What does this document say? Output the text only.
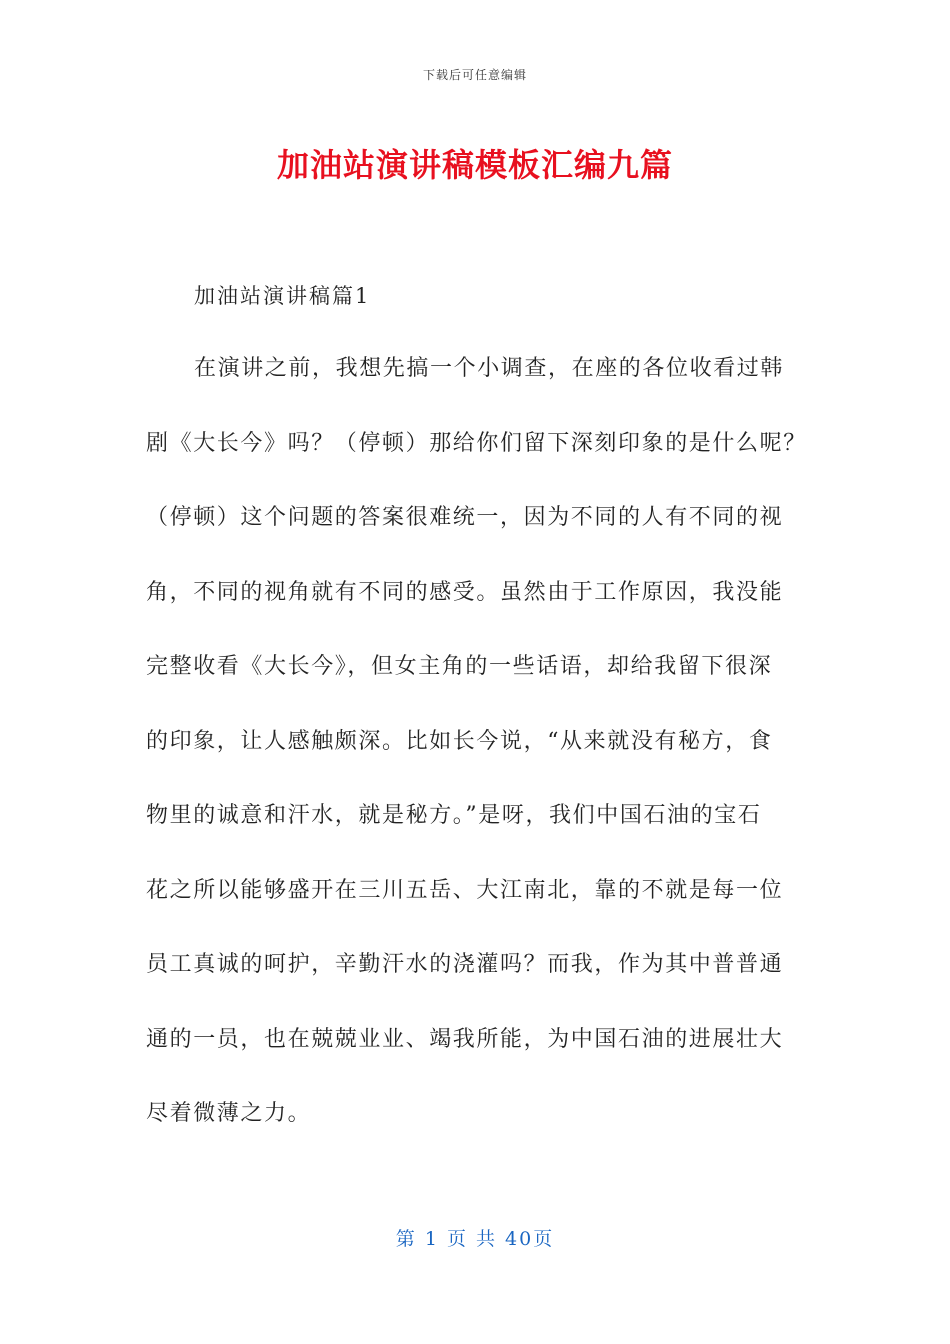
下载后可任意编辑
加油站演讲稿模板汇编九篇
加油站演讲稿篇1
在演讲之前，我想先搞一个小调查，在座的各位收看过韩
剧《大长今》吗？（停顿）那给你们留下深刻印象的是什么呢？
（停顿）这个问题的答案很难统一，因为不同的人有不同的视
角，不同的视角就有不同的感受。虽然由于工作原因，我没能
完整收看《大长今》，但女主角的一些话语，却给我留下很深
的印象，让人感触颇深。比如长今说，“从来就没有秘方，食
物里的诚意和汗水，就是秘方。”是呀，我们中国石油的宝石
花之所以能够盛开在三川五岳、大江南北，靠的不就是每一位
员工真诚的呵护，辛勤汗水的浇灌吗？而我，作为其中普普通
通的一员，也在兢兢业业、竭我所能，为中国石油的进展壮大
尽着微薄之力。
第 1 页 共 40页
